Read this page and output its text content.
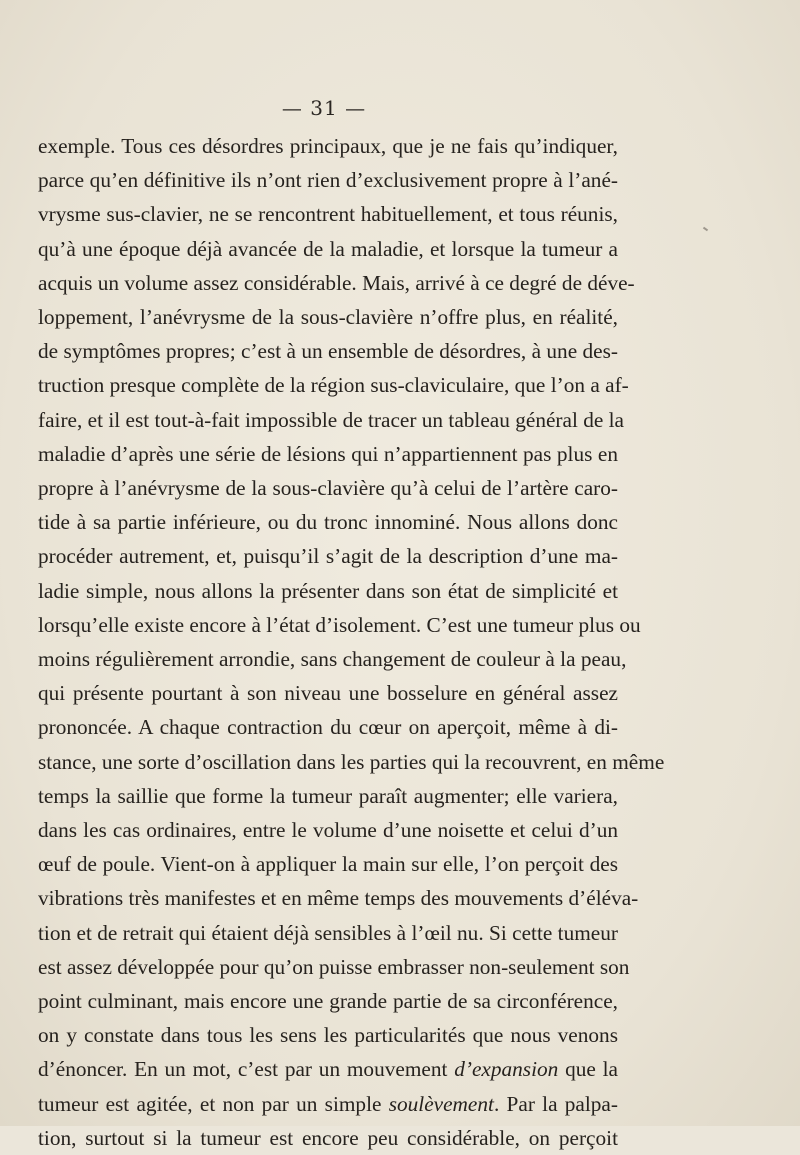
— 31 —
exemple. Tous ces désordres principaux, que je ne fais qu’indiquer,
parce qu’en définitive ils n’ont rien d’exclusivement propre à l’ané-
vrysme sus-clavier, ne se rencontrent habituellement, et tous réunis,
qu’à une époque déjà avancée de la maladie, et lorsque la tumeur a
acquis un volume assez considérable. Mais, arrivé à ce degré de déve-
loppement, l’anévrysme de la sous-clavière n’offre plus, en réalité,
de symptômes propres; c’est à un ensemble de désordres, à une des-
truction presque complète de la région sus-claviculaire, que l’on a af-
faire, et il est tout-à-fait impossible de tracer un tableau général de la
maladie d’après une série de lésions qui n’appartiennent pas plus en
propre à l’anévrysme de la sous-clavière qu’à celui de l’artère caro-
tide à sa partie inférieure, ou du tronc innominé. Nous allons donc
procéder autrement, et, puisqu’il s’agit de la description d’une ma-
ladie simple, nous allons la présenter dans son état de simplicité et
lorsqu’elle existe encore à l’état d’isolement. C’est une tumeur plus ou
moins régulièrement arrondie, sans changement de couleur à la peau,
qui présente pourtant à son niveau une bosselure en général assez
prononcée. A chaque contraction du cœur on aperçoit, même à di-
stance, une sorte d’oscillation dans les parties qui la recouvrent, en même
temps la saillie que forme la tumeur paraît augmenter; elle variera,
dans les cas ordinaires, entre le volume d’une noisette et celui d’un
œuf de poule. Vient-on à appliquer la main sur elle, l’on perçoit des
vibrations très manifestes et en même temps des mouvements d’éléva-
tion et de retrait qui étaient déjà sensibles à l’œil nu. Si cette tumeur
est assez développée pour qu’on puisse embrasser non-seulement son
point culminant, mais encore une grande partie de sa circonférence,
on y constate dans tous les sens les particularités que nous venons
d’énoncer. En un mot, c’est par un mouvement d’expansion que la
tumeur est agitée, et non par un simple soulèvement. Par la palpa-
tion, surtout si la tumeur est encore peu considérable, on perçoit
